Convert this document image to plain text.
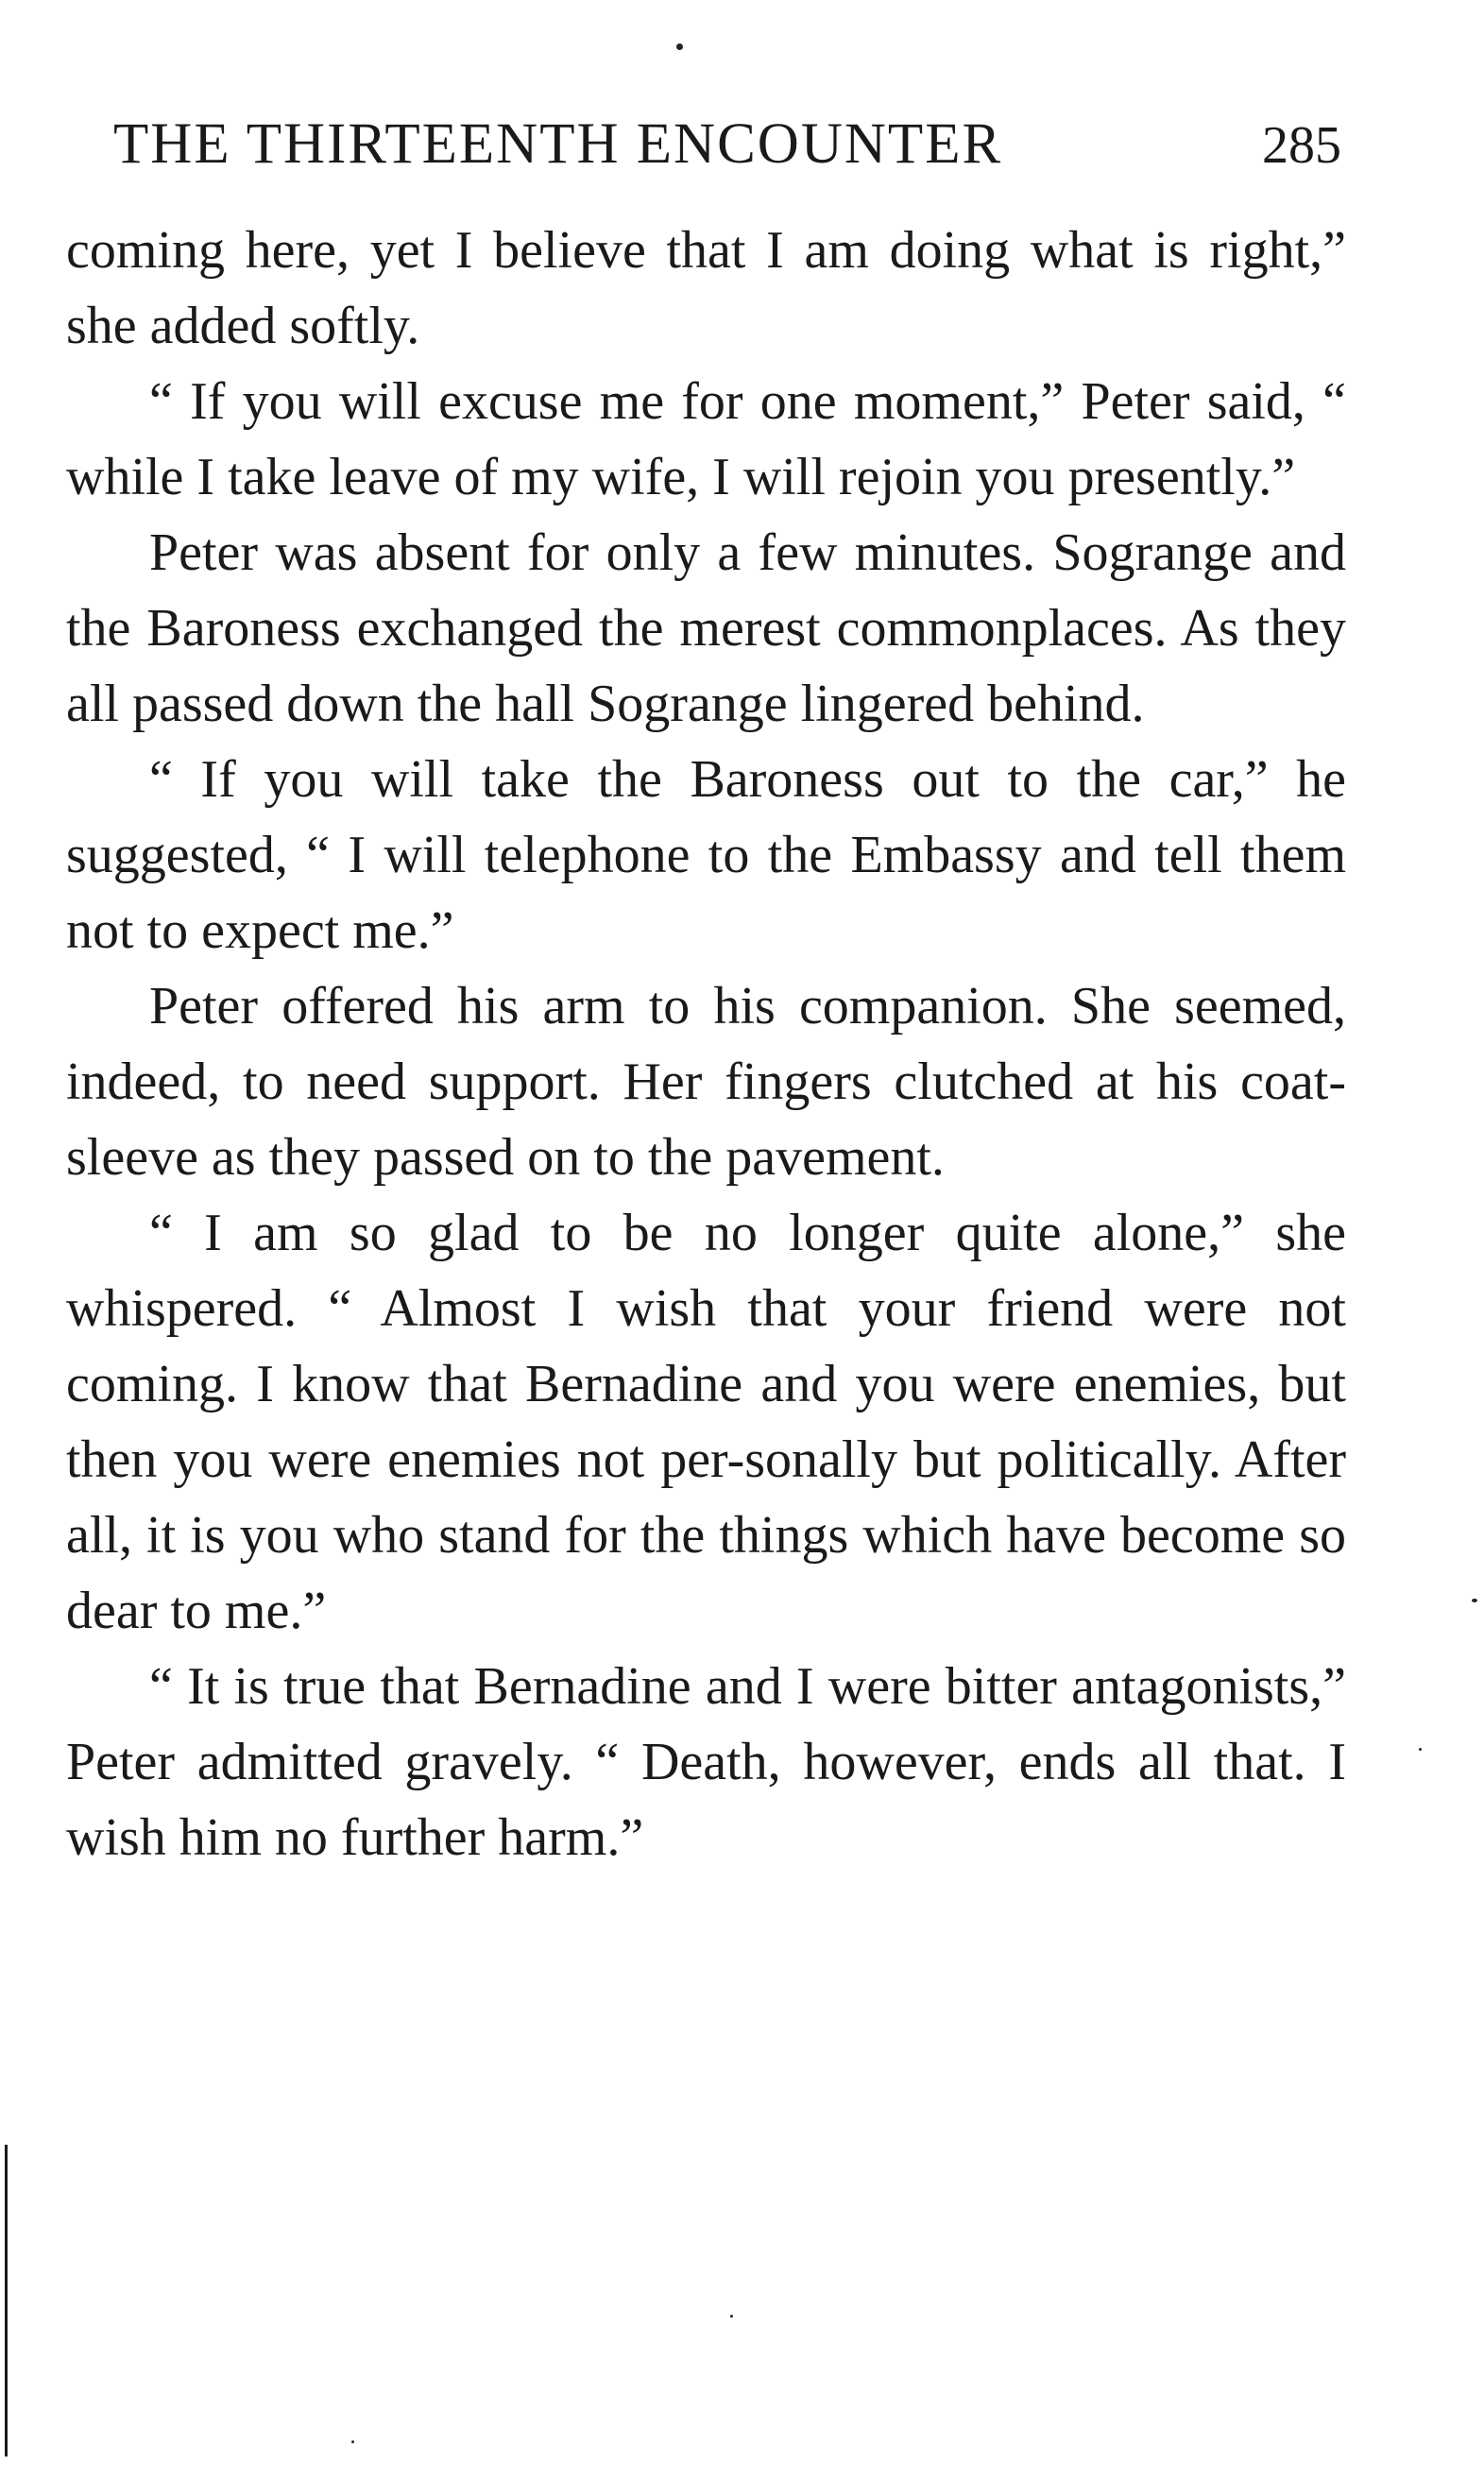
THE THIRTEENTH ENCOUNTER	285

coming here, yet I believe that I am doing what is right,” she added softly.

“ If you will excuse me for one moment,” Peter said, “ while I take leave of my wife, I will rejoin you presently.”

Peter was absent for only a few minutes. Sogrange and the Baroness exchanged the merest commonplaces. As they all passed down the hall Sogrange lingered behind.

“ If you will take the Baroness out to the car,” he suggested, “ I will telephone to the Embassy and tell them not to expect me.”

Peter offered his arm to his companion. She seemed, indeed, to need support. Her fingers clutched at his coat-sleeve as they passed on to the pavement.

“ I am so glad to be no longer quite alone,” she whispered. “ Almost I wish that your friend were not coming. I know that Bernadine and you were enemies, but then you were enemies not per-sonally but politically. After all, it is you who stand for the things which have become so dear to me.”

“ It is true that Bernadine and I were bitter antagonists,” Peter admitted gravely. “ Death, however, ends all that. I wish him no further harm.”
